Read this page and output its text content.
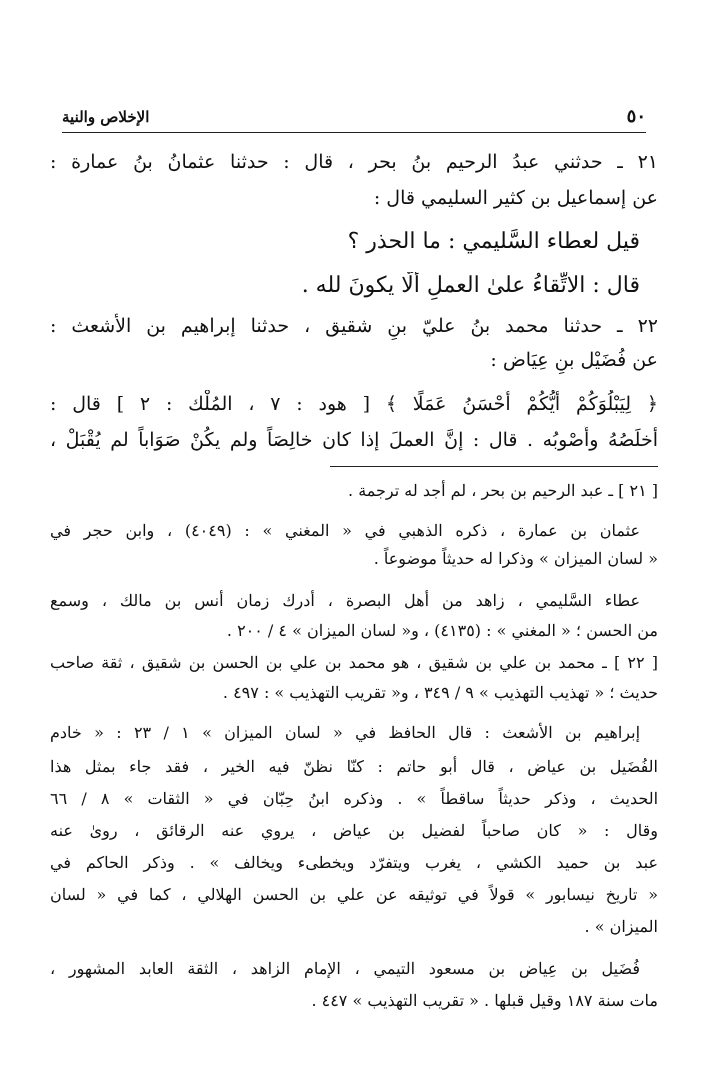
٥٠
الإخلاص والنية
٢١ ـ حدثني عبدُ الرحيم بنُ بحر ، قال : حدثنا عثمانُ بنُ عمارة :
عن إسماعيل بن كثير السليمي قال :
قيل لعطاء السَّليمي : ما الحذر ؟
قال : الاتِّقاءُ علىٰ العملِ ألّا يكونَ لله .
٢٢ ـ حدثنا محمد بنُ عليّ بنِ شقيق ، حدثنا إبراهيم بن الأشعث :
عن فُضَيْل بنِ عِيَاض :
﴿ لِيَبْلُوَكُمْ أَيُّكُمْ أَحْسَنُ عَمَلًا ﴾ [ هود : ٧ ، المُلْك : ٢ ] قال :
أخلَصُهُ وأَصْوبُه . قال : إنَّ العملَ إذا كان خالِصَاً ولم يكُنْ صَوَاباً لم يُقْبَلْ ،
[ ٢١ ] ـ عبد الرحيم بن بحر ، لم أجد له ترجمة .
عثمان بن عمارة ، ذكره الذهبي في « المغني » : (٤٠٤٩) ، وابن حجر في
« لسان الميزان » وذكرا له حديثاً موضوعاً .
عطاء السَّليمي ، زاهد من أهل البصرة ، أدرك زمان أنس بن مالك ، وسمع
من الحسن ؛ « المغني » : (٤١٣٥) ، و« لسان الميزان » ٤ / ٢٠٠ .
[ ٢٢ ] ـ محمد بن علي بن شقيق ، هو محمد بن علي بن الحسن بن شقيق ، ثقة صاحب
حديث ؛ « تهذيب التهذيب » ٩ / ٣٤٩ ، و« تقريب التهذيب » : ٤٩٧ .
إبراهيم بن الأشعث : قال الحافظ في « لسان الميزان » ١ / ٢٣ : « خادم
الفُضَيل بن عياض ، قال أبو حاتم : كنّا نظنّ فيه الخير ، فقد جاء بمثل هذا
الحديث ، وذكر حديثاً ساقطاً » . وذكره ابنُ حِبّان في « الثقات » ٨ / ٦٦
وقال : « كان صاحباً لفضيل بن عياض ، يروي عنه الرقائق ، روىٰ عنه
عبد بن حميد الكشي ، يغرب ويتفرّد ويخطىء ويخالف » . وذكر الحاكم في
« تاريخ نيسابور » قولاً في توثيقه عن علي بن الحسن الهلالي ، كما في « لسان
الميزان » .
فُضَيل بن عِياض بن مسعود التيمي ، الإمام الزاهد ، الثقة العابد المشهور ،
مات سنة ١٨٧ وقيل قبلها . « تقريب التهذيب » ٤٤٧ .
